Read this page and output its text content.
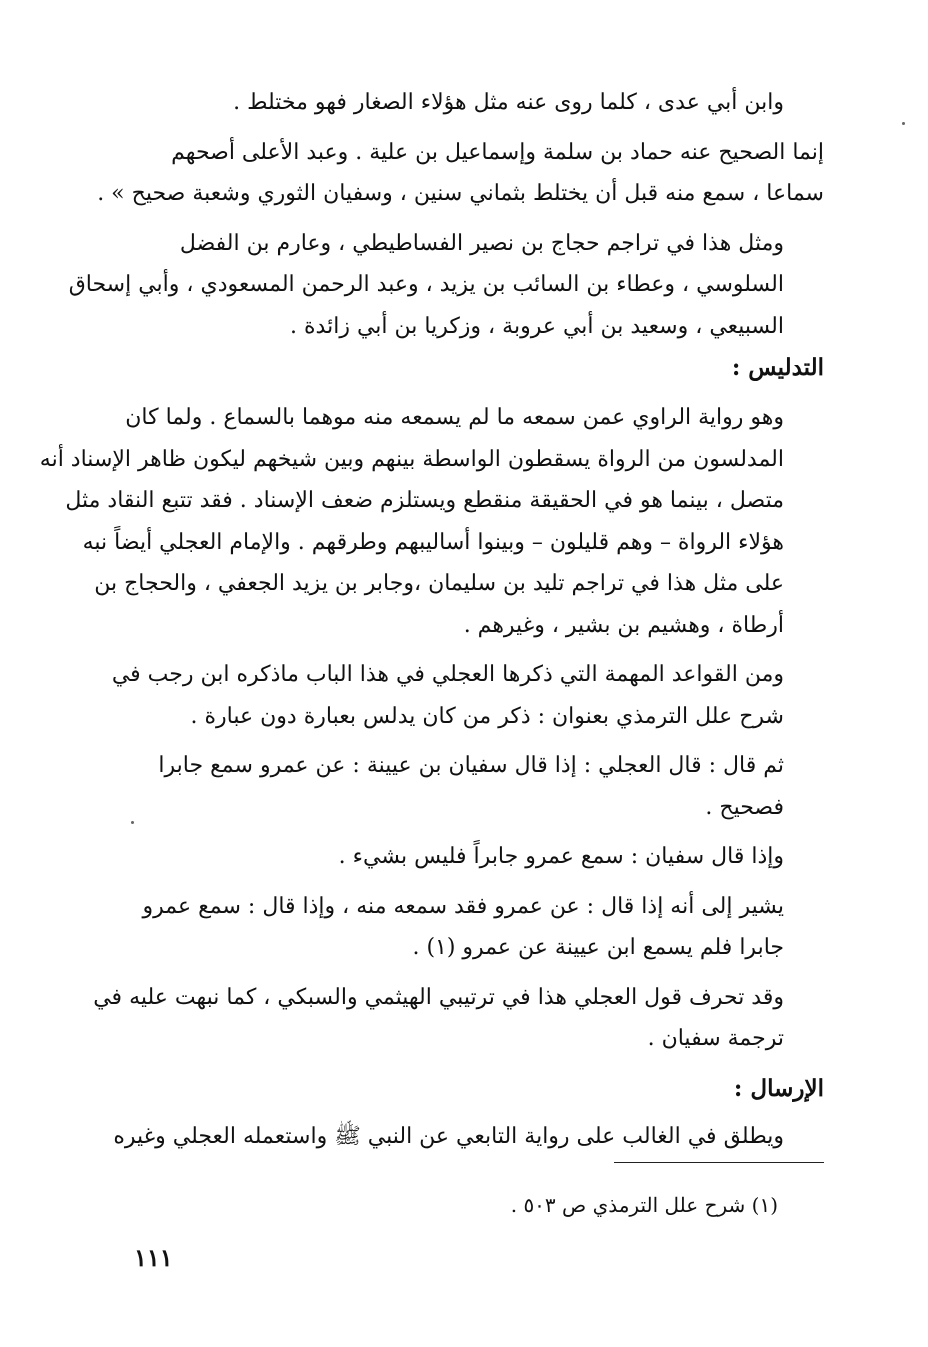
وابن أبي عدى ، كلما روى عنه مثل هؤلاء الصغار فهو مختلط .
إنما الصحيح عنه حماد بن سلمة وإسماعيل بن علية . وعبد الأعلى أصحهم
سماعا ، سمع منه قبل أن يختلط بثماني سنين ، وسفيان الثوري وشعبة صحيح » .
ومثل هذا في تراجم حجاج بن نصير الفساطيطي ، وعارم بن الفضل
السلوسي ، وعطاء بن السائب بن يزيد ، وعبد الرحمن المسعودي ، وأبي إسحاق
السبيعي ، وسعيد بن أبي عروبة ، وزكريا بن أبي زائدة .
التدليس :
وهو رواية الراوي عمن سمعه ما لم يسمعه منه موهما بالسماع . ولما كان
المدلسون من الرواة يسقطون الواسطة بينهم وبين شيخهم ليكون ظاهر الإسناد أنه
متصل ، بينما هو في الحقيقة منقطع ويستلزم ضعف الإسناد . فقد تتبع النقاد مثل
هؤلاء الرواة – وهم قليلون – وبينوا أساليبهم وطرقهم . والإمام العجلي أيضاً نبه
على مثل هذا في تراجم تليد بن سليمان ،وجابر بن يزيد الجعفي ، والحجاج بن
أرطاة ، وهشيم بن بشير ، وغيرهم .
ومن القواعد المهمة التي ذكرها العجلي في هذا الباب ماذكره ابن رجب في
شرح علل الترمذي بعنوان : ذكر من كان يدلس بعبارة دون عبارة .
ثم قال : قال العجلي : إذا قال سفيان بن عيينة : عن عمرو سمع جابرا
فصحيح .
وإذا قال سفيان : سمع عمرو جابراً فليس بشيء .
يشير إلى أنه إذا قال : عن عمرو فقد سمعه منه ، وإذا قال : سمع عمرو
جابرا فلم يسمع ابن عيينة عن عمرو (١) .
وقد تحرف قول العجلي هذا في ترتيبي الهيثمي والسبكي ، كما نبهت عليه في
ترجمة سفيان .
الإرسال :
ويطلق في الغالب على رواية التابعي عن النبي ﷺ واستعمله العجلي وغيره
(١) شرح علل الترمذي ص ٥٠٣ .
١١١
